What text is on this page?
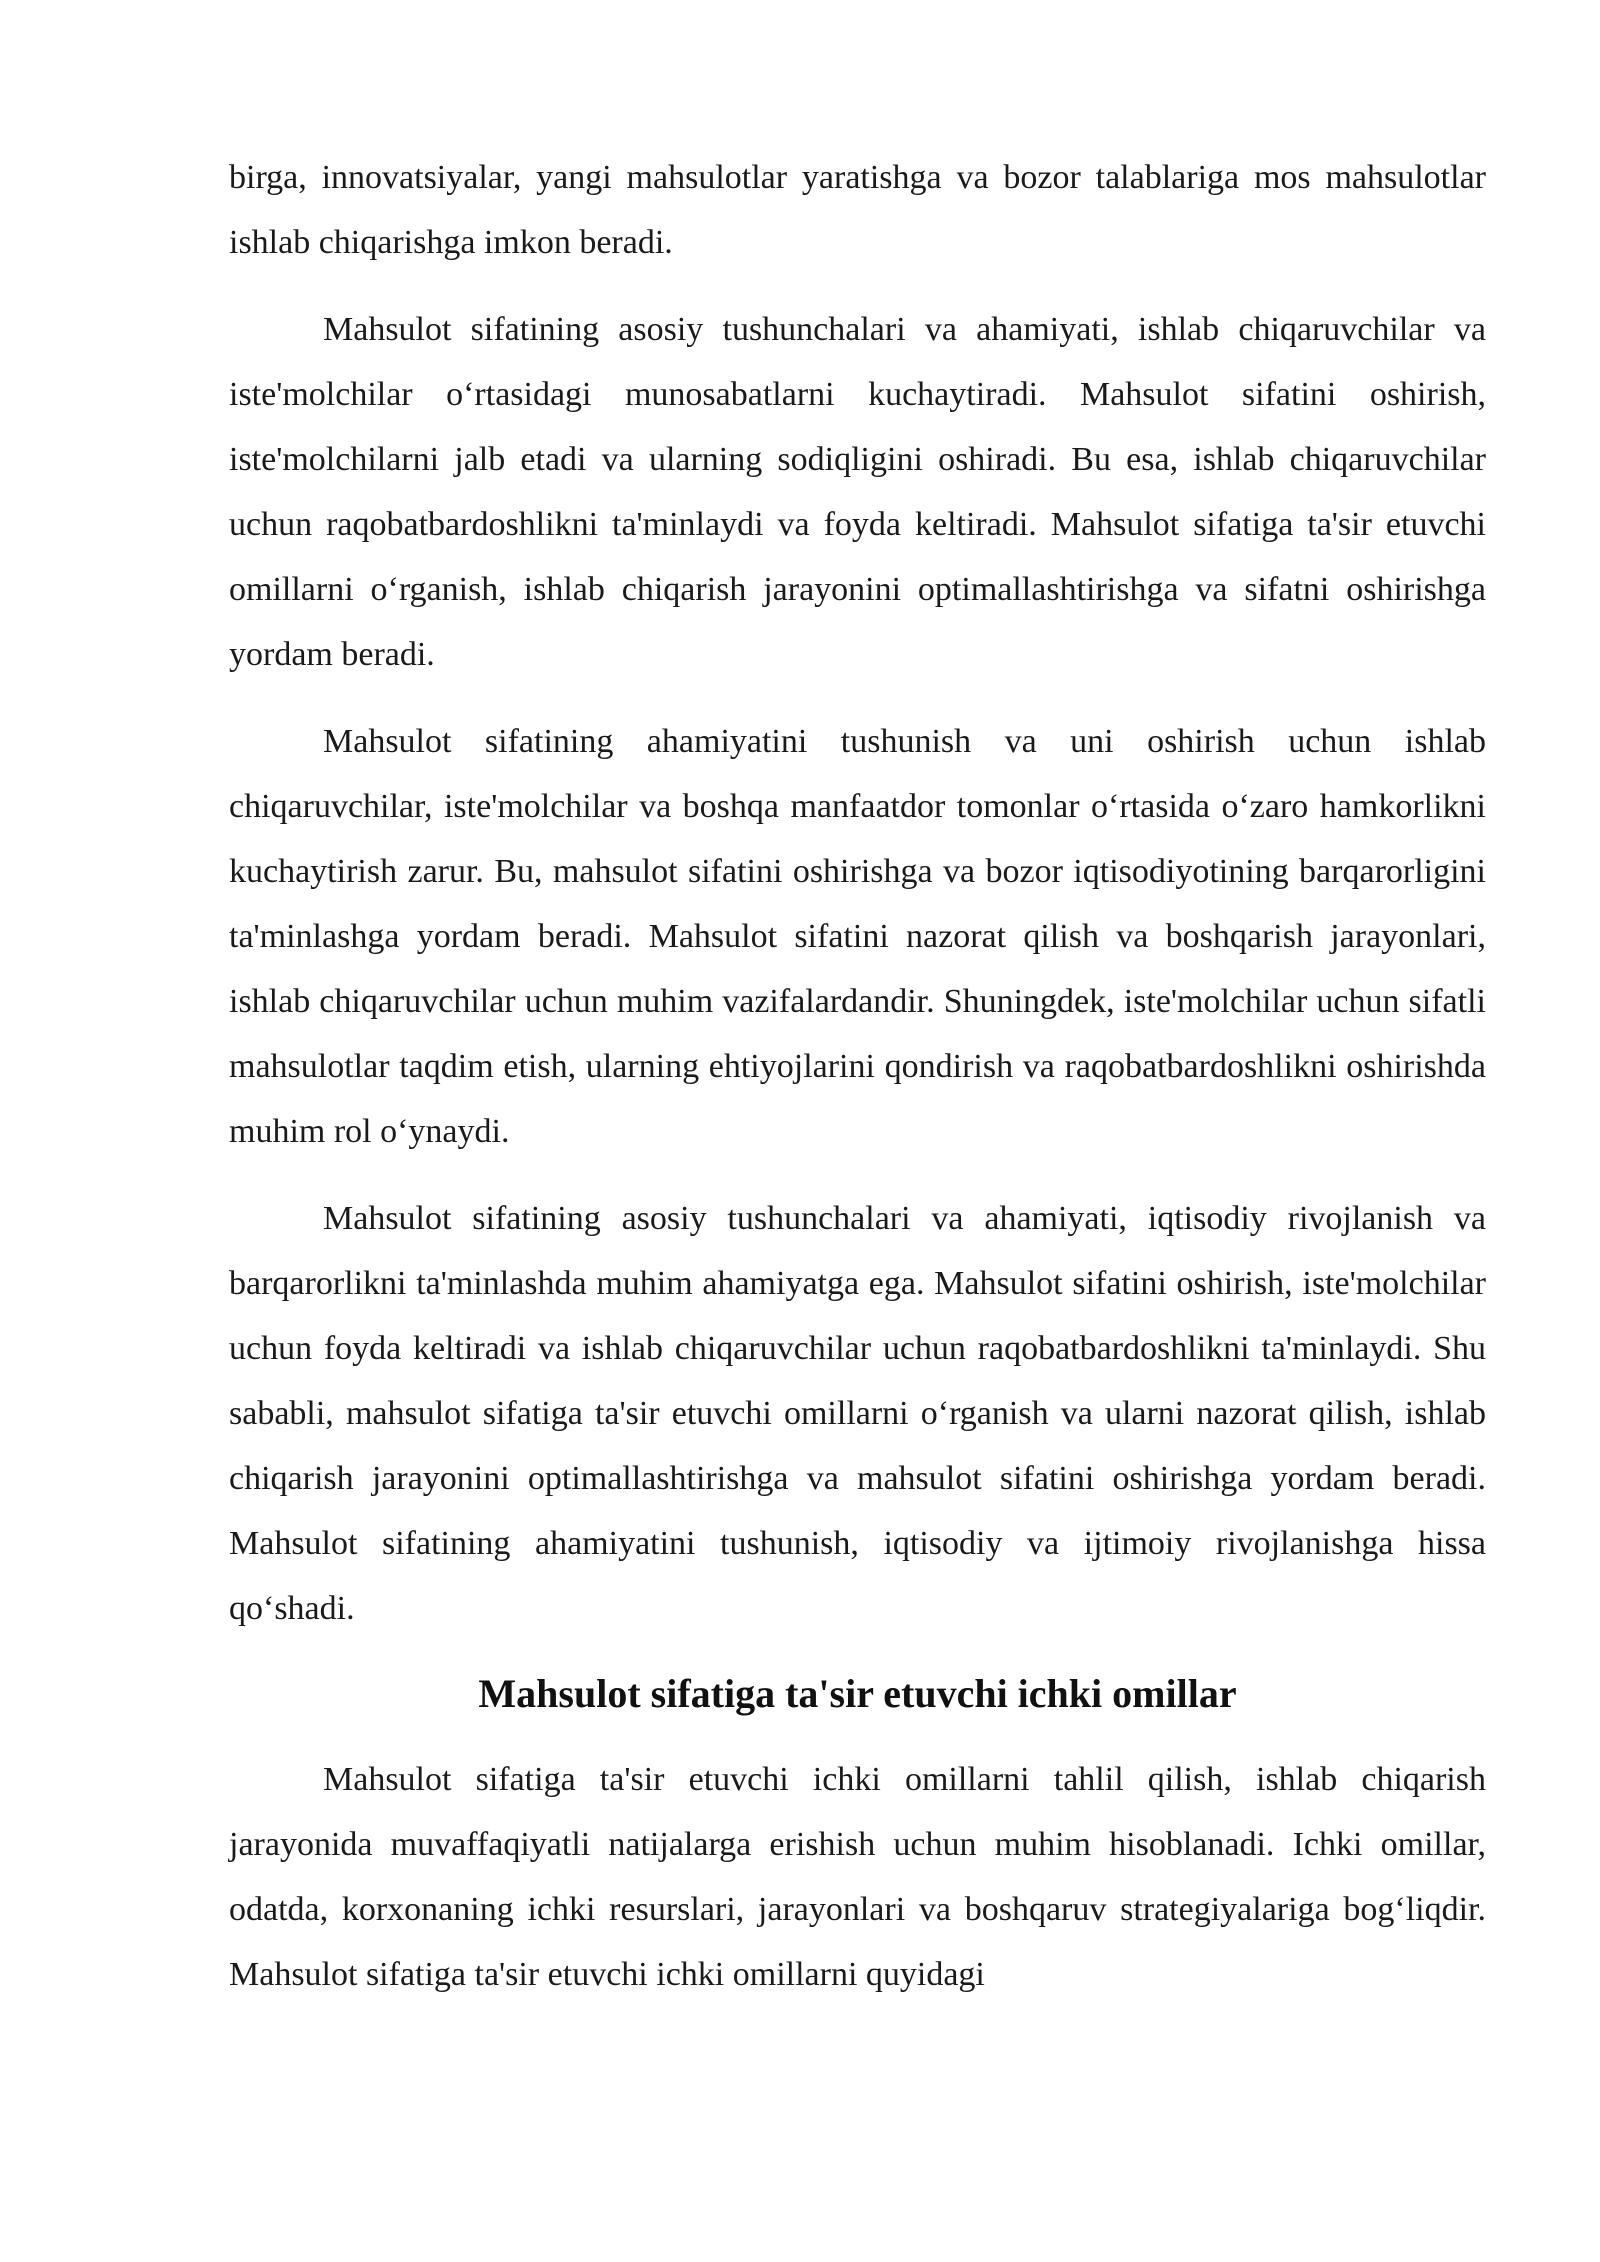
birga, innovatsiyalar, yangi mahsulotlar yaratishga va bozor talablariga mos mahsulotlar ishlab chiqarishga imkon beradi.

Mahsulot sifatining asosiy tushunchalari va ahamiyati, ishlab chiqaruvchilar va iste'molchilar o‘rtasidagi munosabatlarni kuchaytiradi. Mahsulot sifatini oshirish, iste'molchilarni jalb etadi va ularning sodiqligini oshiradi. Bu esa, ishlab chiqaruvchilar uchun raqobatbardoshlikni ta'minlaydi va foyda keltiradi. Mahsulot sifatiga ta'sir etuvchi omillarni o‘rganish, ishlab chiqarish jarayonini optimallashtirishga va sifatni oshirishga yordam beradi.

Mahsulot sifatining ahamiyatini tushunish va uni oshirish uchun ishlab chiqaruvchilar, iste'molchilar va boshqa manfaatdor tomonlar o‘rtasida o‘zaro hamkorlikni kuchaytirish zarur. Bu, mahsulot sifatini oshirishga va bozor iqtisodiyotining barqarorligini ta'minlashga yordam beradi. Mahsulot sifatini nazorat qilish va boshqarish jarayonlari, ishlab chiqaruvchilar uchun muhim vazifalardandir. Shuningdek, iste'molchilar uchun sifatli mahsulotlar taqdim etish, ularning ehtiyojlarini qondirish va raqobatbardoshlikni oshirishda muhim rol o‘ynaydi.

Mahsulot sifatining asosiy tushunchalari va ahamiyati, iqtisodiy rivojlanish va barqarorlikni ta'minlashda muhim ahamiyatga ega. Mahsulot sifatini oshirish, iste'molchilar uchun foyda keltiradi va ishlab chiqaruvchilar uchun raqobatbardoshlikni ta'minlaydi. Shu sababli, mahsulot sifatiga ta'sir etuvchi omillarni o‘rganish va ularni nazorat qilish, ishlab chiqarish jarayonini optimallashtirishga va mahsulot sifatini oshirishga yordam beradi. Mahsulot sifatining ahamiyatini tushunish, iqtisodiy va ijtimoiy rivojlanishga hissa qo‘shadi.

Mahsulot sifatiga ta'sir etuvchi ichki omillar

Mahsulot sifatiga ta'sir etuvchi ichki omillarni tahlil qilish, ishlab chiqarish jarayonida muvaffaqiyatli natijalarga erishish uchun muhim hisoblanadi. Ichki omillar, odatda, korxonaning ichki resurslari, jarayonlari va boshqaruv strategiyalariga bog‘liqdir. Mahsulot sifatiga ta'sir etuvchi ichki omillarni quyidagi
